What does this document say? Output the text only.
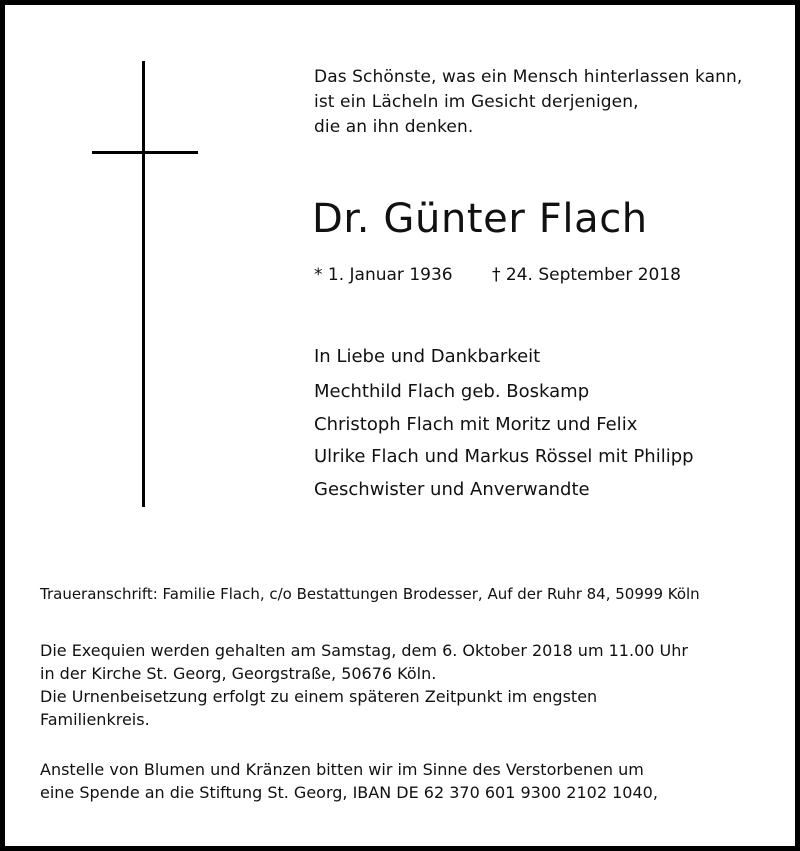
Das Schönste, was ein Mensch hinterlassen kann,
ist ein Lächeln im Gesicht derjenigen,
die an ihn denken.
Dr. Günter Flach
* 1. Januar 1936 † 24. September 2018
In Liebe und Dankbarkeit
Mechthild Flach geb. Boskamp
Christoph Flach mit Moritz und Felix
Ulrike Flach und Markus Rössel mit Philipp
Geschwister und Anverwandte
Traueranschrift: Familie Flach, c/o Bestattungen Brodesser, Auf der Ruhr 84, 50999 Köln
Die Exequien werden gehalten am Samstag, dem 6. Oktober 2018 um 11.00 Uhr
in der Kirche St. Georg, Georgstraße, 50676 Köln.
Die Urnenbeisetzung erfolgt zu einem späteren Zeitpunkt im engsten
Familienkreis.
Anstelle von Blumen und Kränzen bitten wir im Sinne des Verstorbenen um
eine Spende an die Stiftung St. Georg, IBAN DE 62 370 601 9300 2102 1040,
